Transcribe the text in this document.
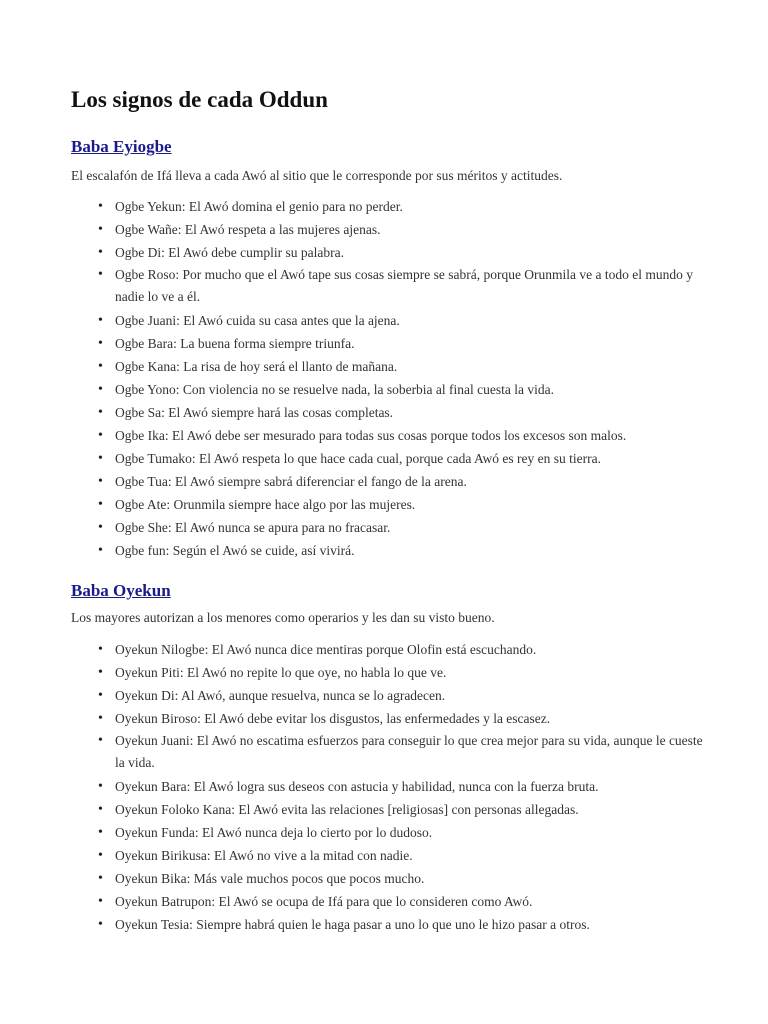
Los signos de cada Oddun
Baba Eyiogbe

El escalafón de Ifá lleva a cada Awó al sitio que le corresponde por sus méritos y actitudes.

• Ogbe Yekun: El Awó domina el genio para no perder.
• Ogbe Wañe: El Awó respeta a las mujeres ajenas.
• Ogbe Di: El Awó debe cumplir su palabra.
• Ogbe Roso: Por mucho que el Awó tape sus cosas siempre se sabrá, porque Orunmila ve a todo el mundo y nadie lo ve a él.
• Ogbe Juani: El Awó cuida su casa antes que la ajena.
• Ogbe Bara: La buena forma siempre triunfa.
• Ogbe Kana: La risa de hoy será el llanto de mañana.
• Ogbe Yono: Con violencia no se resuelve nada, la soberbia al final cuesta la vida.
• Ogbe Sa: El Awó siempre hará las cosas completas.
• Ogbe Ika: El Awó debe ser mesurado para todas sus cosas porque todos los excesos son malos.
• Ogbe Tumako: El Awó respeta lo que hace cada cual, porque cada Awó es rey en su tierra.
• Ogbe Tua: El Awó siempre sabrá diferenciar el fango de la arena.
• Ogbe Ate: Orunmila siempre hace algo por las mujeres.
• Ogbe She: El Awó nunca se apura para no fracasar.
• Ogbe fun: Según el Awó se cuide, así vivirá.
Baba Oyekun

Los mayores autorizan a los menores como operarios y les dan su visto bueno.

• Oyekun Nilogbe: El Awó nunca dice mentiras porque Olofin está escuchando.
• Oyekun Piti: El Awó no repite lo que oye, no habla lo que ve.
• Oyekun Di: Al Awó, aunque resuelva, nunca se lo agradecen.
• Oyekun Biroso: El Awó debe evitar los disgustos, las enfermedades y la escasez.
• Oyekun Juani: El Awó no escatima esfuerzos para conseguir lo que crea mejor para su vida, aunque le cueste la vida.
• Oyekun Bara: El Awó logra sus deseos con astucia y habilidad, nunca con la fuerza bruta.
• Oyekun Foloko Kana: El Awó evita las relaciones [religiosas] con personas allegadas.
• Oyekun Funda: El Awó nunca deja lo cierto por lo dudoso.
• Oyekun Birikusa: El Awó no vive a la mitad con nadie.
• Oyekun Bika: Más vale muchos pocos que pocos mucho.
• Oyekun Batrupon: El Awó se ocupa de Ifá para que lo consideren como Awó.
• Oyekun Tesia: Siempre habrá quien le haga pasar a uno lo que uno le hizo pasar a otros.
